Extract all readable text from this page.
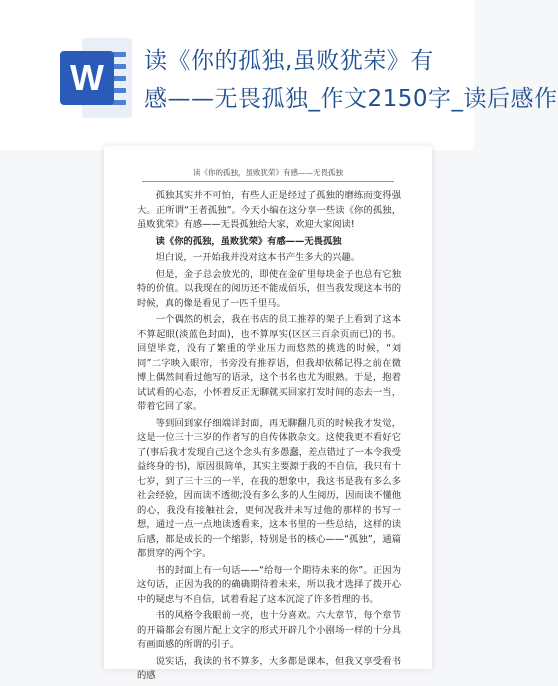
W 读《你的孤独,虽败犹荣》有
感——无畏孤独_作文2150字_读后感作
读《你的孤独，虽败犹荣》有感——无畏孤独

孤独其实并不可怕，有些人正是经过了孤独的磨练而变得强大。正所谓“王者孤独”。今天小编在这分享一些读《你的孤独，虽败犹荣》有感——无畏孤独给大家，欢迎大家阅读!

读《你的孤独，虽败犹荣》有感——无畏孤独

坦白说，一开始我并没对这本书产生多大的兴趣。

但是，金子总会放光的，即使在金矿里每块金子也总有它独特的价值。以我现在的阅历还不能成佰乐，但当我发现这本书的时候，真的像是看见了一匹千里马。

一个偶然的机会，我在书店的员工推荐的架子上看到了这本不算起眼(淡蓝色封面)，也不算厚实(区区三百余页而已)的书。回望毕竟，没有了繁重的学业压力而悠然的挑选的时候，“刘同”二字映入眼帘，书旁没有推荐语，但我却依稀记得之前在微博上偶然间看过他写的语录，这个书名也尤为眼熟。于是，抱着试试看的心态，小怀着反正无聊就买回家打发时间的态去一当，带着它回了家。

等到回到家仔细端详封面，再无聊翻几页的时候我才发觉，这是一位三十三岁的作者写的自传体散杂文。这使我更不看好它了(事后我才发现自己这个念头有多愚蠢，差点错过了一本令我受益终身的书)，原因很简单，其实主要源于我的不自信，我只有十七岁，到了三十三的一半，在我的想象中，我这书是我有多么多社会经验，因而读不透彻;没有多么多的人生阅历，因而读不懂他的心，我没有接触社会，更何况我并未写过他的那样的书写一想，通过一点一点地读透看来，这本书里的一些总结，这样的读后感，都是成长的一个缩影，特别是书的核心——“孤独”，通篇都贯穿的两个字。

书的封面上有一句话——“给每一个期待未来的你”。正因为这句话，正因为我的的确确期待着未来，所以我才选择了拨开心中的疑虑与不自信，试着看起了这本沉淀了许多哲理的书。

书的风格令我眼前一亮，也十分喜欢。六大章节，每个章节的开篇都会有图片配上文字的形式开辟几个小剧场一样的十分具有画面感的所谓的引子。

说实话，我读的书不算多，大多都是课本，但我又享受看书的感
